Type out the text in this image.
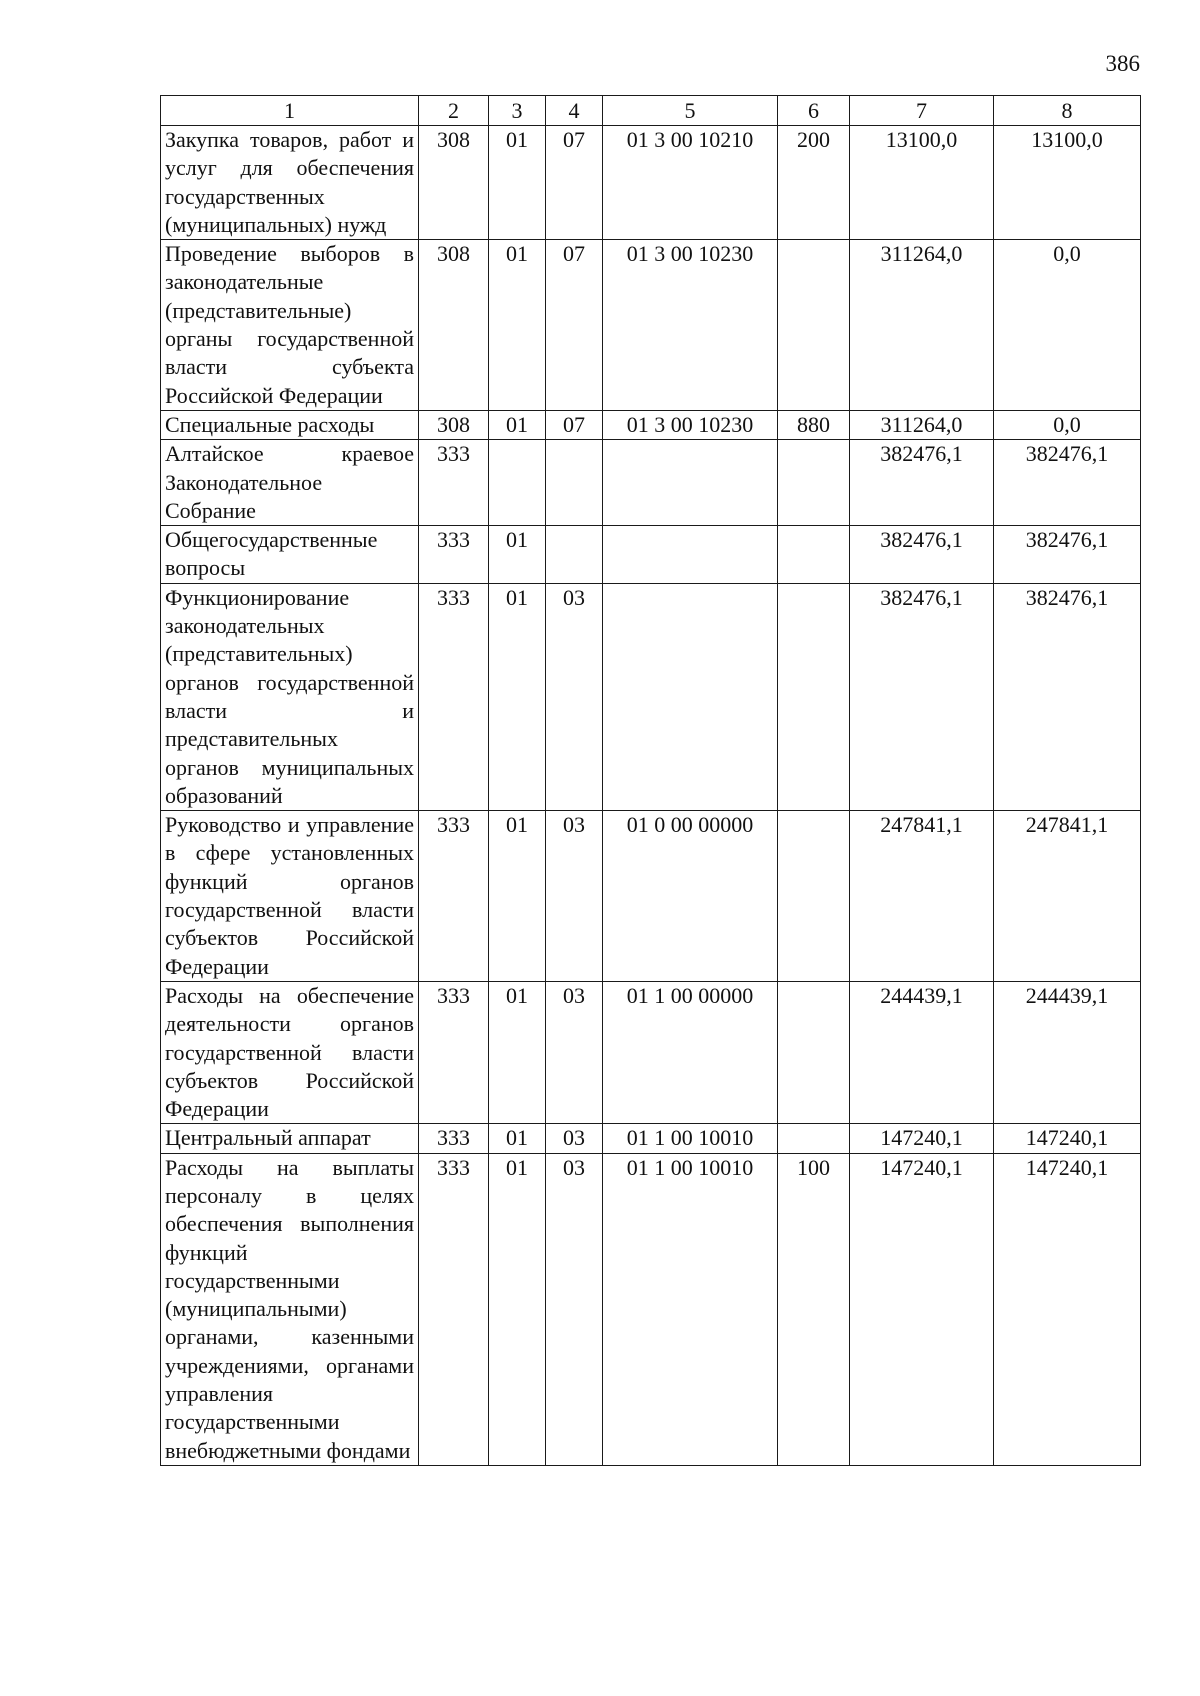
386
1	2	3	4	5	6	7	8
Закупка товаров, работ и услуг для обеспечения государственных (муниципальных) нужд	308	01	07	01 3 00 10210	200	13100,0	13100,0
Проведение выборов в законодательные (представительные) органы государственной власти субъекта Российской Федерации	308	01	07	01 3 00 10230		311264,0	0,0
Специальные расходы	308	01	07	01 3 00 10230	880	311264,0	0,0
Алтайское краевое Законодательное Собрание	333					382476,1	382476,1
Общегосударственные вопросы	333	01				382476,1	382476,1
Функционирование законодательных (представительных) органов государственной власти и представительных органов муниципальных образований	333	01	03			382476,1	382476,1
Руководство и управление в сфере установленных функций органов государственной власти субъектов Российской Федерации	333	01	03	01 0 00 00000		247841,1	247841,1
Расходы на обеспечение деятельности органов государственной власти субъектов Российской Федерации	333	01	03	01 1 00 00000		244439,1	244439,1
Центральный аппарат	333	01	03	01 1 00 10010		147240,1	147240,1
Расходы на выплаты персоналу в целях обеспечения выполнения функций государственными (муниципальными) органами, казенными учреждениями, органами управления государственными внебюджетными фондами	333	01	03	01 1 00 10010	100	147240,1	147240,1
